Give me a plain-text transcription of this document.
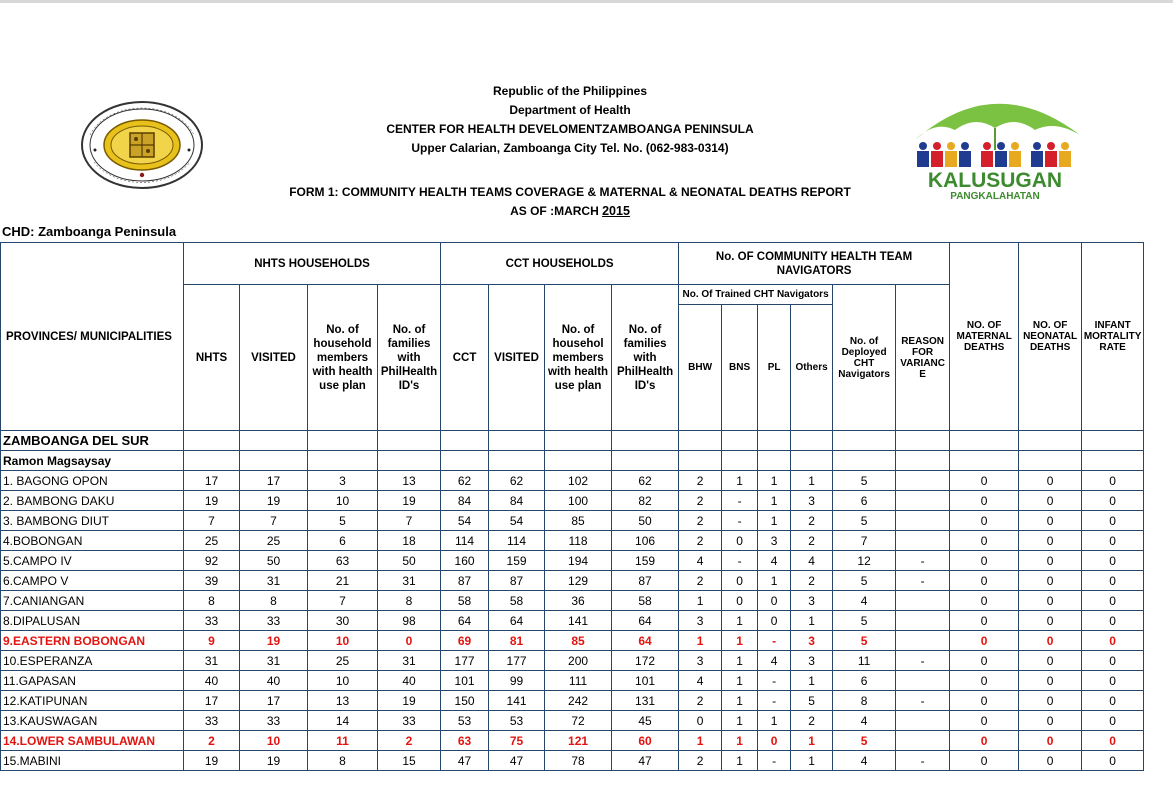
KALUSUGAN
PANGKALAHATAN
Republic of the Philippines
Department of Health
CENTER FOR HEALTH DEVELOMENTZAMBOANGA PENINSULA
Upper Calarian, Zamboanga City Tel. No. (062-983-0314)
FORM 1: COMMUNITY HEALTH TEAMS COVERAGE & MATERNAL & NEONATAL DEATHS REPORT
AS OF :MARCH 2015
CHD: Zamboanga Peninsula
PROVINCES/ MUNICIPALITIES	NHTS HOUSEHOLDS				CCT HOUSEHOLDS				No. OF COMMUNITY HEALTH TEAM NAVIGATORS						NO. OF MATERNAL DEATHS	NO. OF NEONATAL DEATHS	INFANT MORTALITY RATE
	NHTS	VISITED	No. of household members with health use plan	No. of families with PhilHealth ID's	CCT	VISITED	No. of househol members with health use plan	No. of families with PhilHealth ID's	No. Of Trained CHT Navigators				No. of Deployed CHT Navigators	REASON FOR VARIANC E			
									BHW	BNS	PL	Others					
ZAMBOANGA DEL SUR																	
Ramon Magsaysay																	
1. BAGONG OPON	17	17	3	13	62	62	102	62	2	1	1	1	5		0	0	0
2. BAMBONG DAKU	19	19	10	19	84	84	100	82	2	-	1	3	6		0	0	0
3. BAMBONG DIUT	7	7	5	7	54	54	85	50	2	-	1	2	5		0	0	0
4.BOBONGAN	25	25	6	18	114	114	118	106	2	0	3	2	7		0	0	0
5.CAMPO IV	92	50	63	50	160	159	194	159	4	-	4	4	12	-	0	0	0
6.CAMPO V	39	31	21	31	87	87	129	87	2	0	1	2	5	-	0	0	0
7.CANIANGAN	8	8	7	8	58	58	36	58	1	0	0	3	4		0	0	0
8.DIPALUSAN	33	33	30	98	64	64	141	64	3	1	0	1	5		0	0	0
9.EASTERN BOBONGAN	9	19	10	0	69	81	85	64	1	1	-	3	5		0	0	0
10.ESPERANZA	31	31	25	31	177	177	200	172	3	1	4	3	11	-	0	0	0
11.GAPASAN	40	40	10	40	101	99	111	101	4	1	-	1	6		0	0	0
12.KATIPUNAN	17	17	13	19	150	141	242	131	2	1	-	5	8	-	0	0	0
13.KAUSWAGAN	33	33	14	33	53	53	72	45	0	1	1	2	4		0	0	0
14.LOWER SAMBULAWAN	2	10	11	2	63	75	121	60	1	1	0	1	5		0	0	0
15.MABINI	19	19	8	15	47	47	78	47	2	1	-	1	4	-	0	0	0
